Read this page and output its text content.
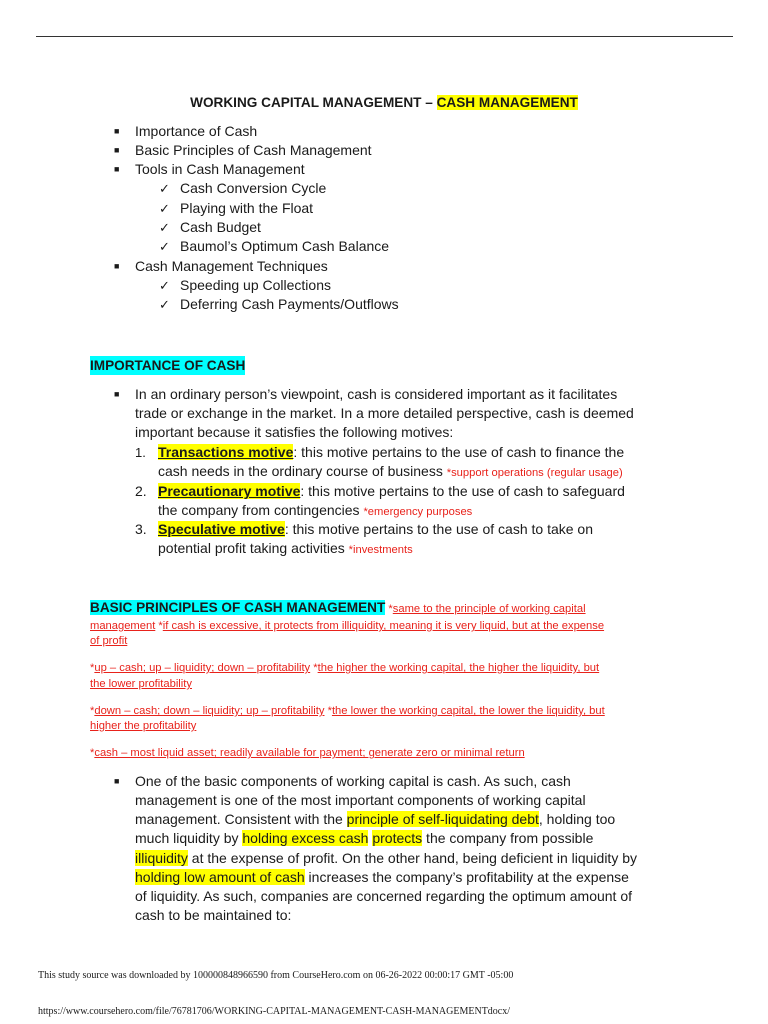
WORKING CAPITAL MANAGEMENT – CASH MANAGEMENT
■ Importance of Cash
■ Basic Principles of Cash Management
■ Tools in Cash Management
✓ Cash Conversion Cycle
✓ Playing with the Float
✓ Cash Budget
✓ Baumol’s Optimum Cash Balance
■ Cash Management Techniques
✓ Speeding up Collections
✓ Deferring Cash Payments/Outflows
IMPORTANCE OF CASH
■ In an ordinary person’s viewpoint, cash is considered important as it facilitates
trade or exchange in the market. In a more detailed perspective, cash is deemed
important because it satisfies the following motives:
1. Transactions motive: this motive pertains to the use of cash to finance the
cash needs in the ordinary course of business *support operations (regular usage)
2. Precautionary motive: this motive pertains to the use of cash to safeguard
the company from contingencies *emergency purposes
3. Speculative motive: this motive pertains to the use of cash to take on
potential profit taking activities *investments
BASIC PRINCIPLES OF CASH MANAGEMENT *same to the principle of working capital
management *if cash is excessive, it protects from illiquidity, meaning it is very liquid, but at the expense
of profit
*up – cash; up – liquidity; down – profitability *the higher the working capital, the higher the liquidity, but
the lower profitability
*down – cash; down – liquidity; up – profitability *the lower the working capital, the lower the liquidity, but
higher the profitability
*cash – most liquid asset; readily available for payment; generate zero or minimal return
■ One of the basic components of working capital is cash. As such, cash
management is one of the most important components of working capital
management. Consistent with the principle of self-liquidating debt, holding too
much liquidity by holding excess cash protects the company from possible
illiquidity at the expense of profit. On the other hand, being deficient in liquidity by
holding low amount of cash increases the company’s profitability at the expense
of liquidity. As such, companies are concerned regarding the optimum amount of
cash to be maintained to:
This study source was downloaded by 100000848966590 from CourseHero.com on 06-26-2022 00:00:17 GMT -05:00
https://www.coursehero.com/file/76781706/WORKING-CAPITAL-MANAGEMENT-CASH-MANAGEMENTdocx/
